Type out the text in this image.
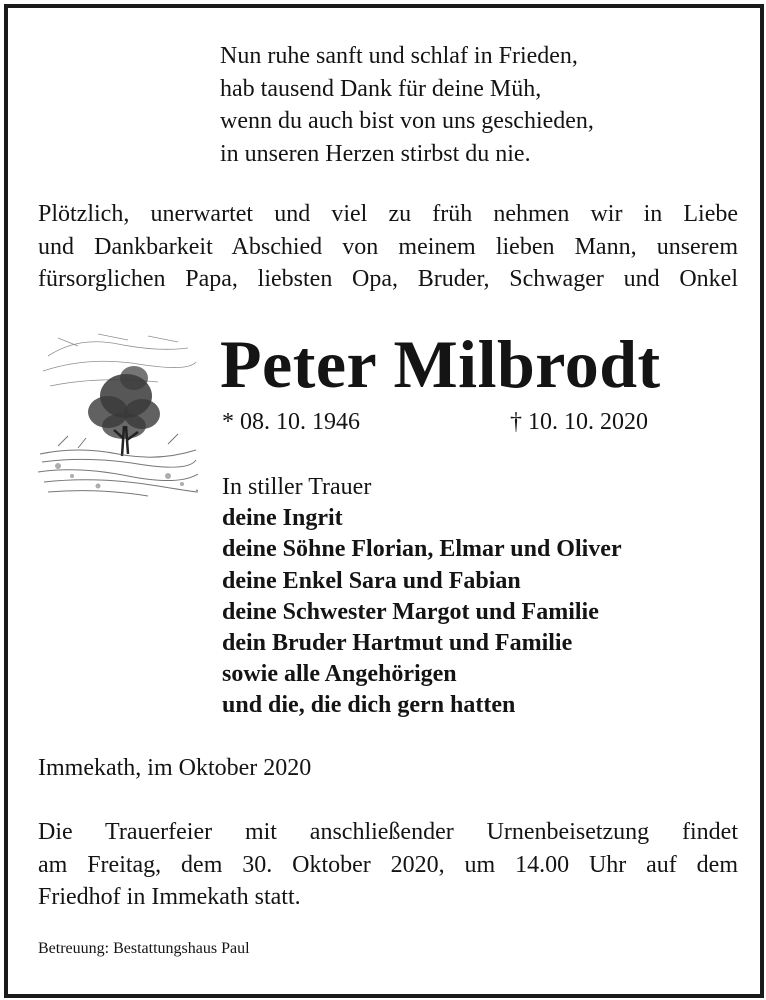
Nun ruhe sanft und schlaf in Frieden,
hab tausend Dank für deine Müh,
wenn du auch bist von uns geschieden,
in unseren Herzen stirbst du nie.
Plötzlich, unerwartet und viel zu früh nehmen wir in Liebe
und Dankbarkeit Abschied von meinem lieben Mann, unserem
fürsorglichen Papa, liebsten Opa, Bruder, Schwager und Onkel
Peter Milbrodt
* 08. 10. 1946	† 10. 10. 2020
In stiller Trauer
deine Ingrit
deine Söhne Florian, Elmar und Oliver
deine Enkel Sara und Fabian
deine Schwester Margot und Familie
dein Bruder Hartmut und Familie
sowie alle Angehörigen
und die, die dich gern hatten
Immekath, im Oktober 2020
Die Trauerfeier mit anschließender Urnenbeisetzung findet
am Freitag, dem 30. Oktober 2020, um 14.00 Uhr auf dem
Friedhof in Immekath statt.
Betreuung: Bestattungshaus Paul
